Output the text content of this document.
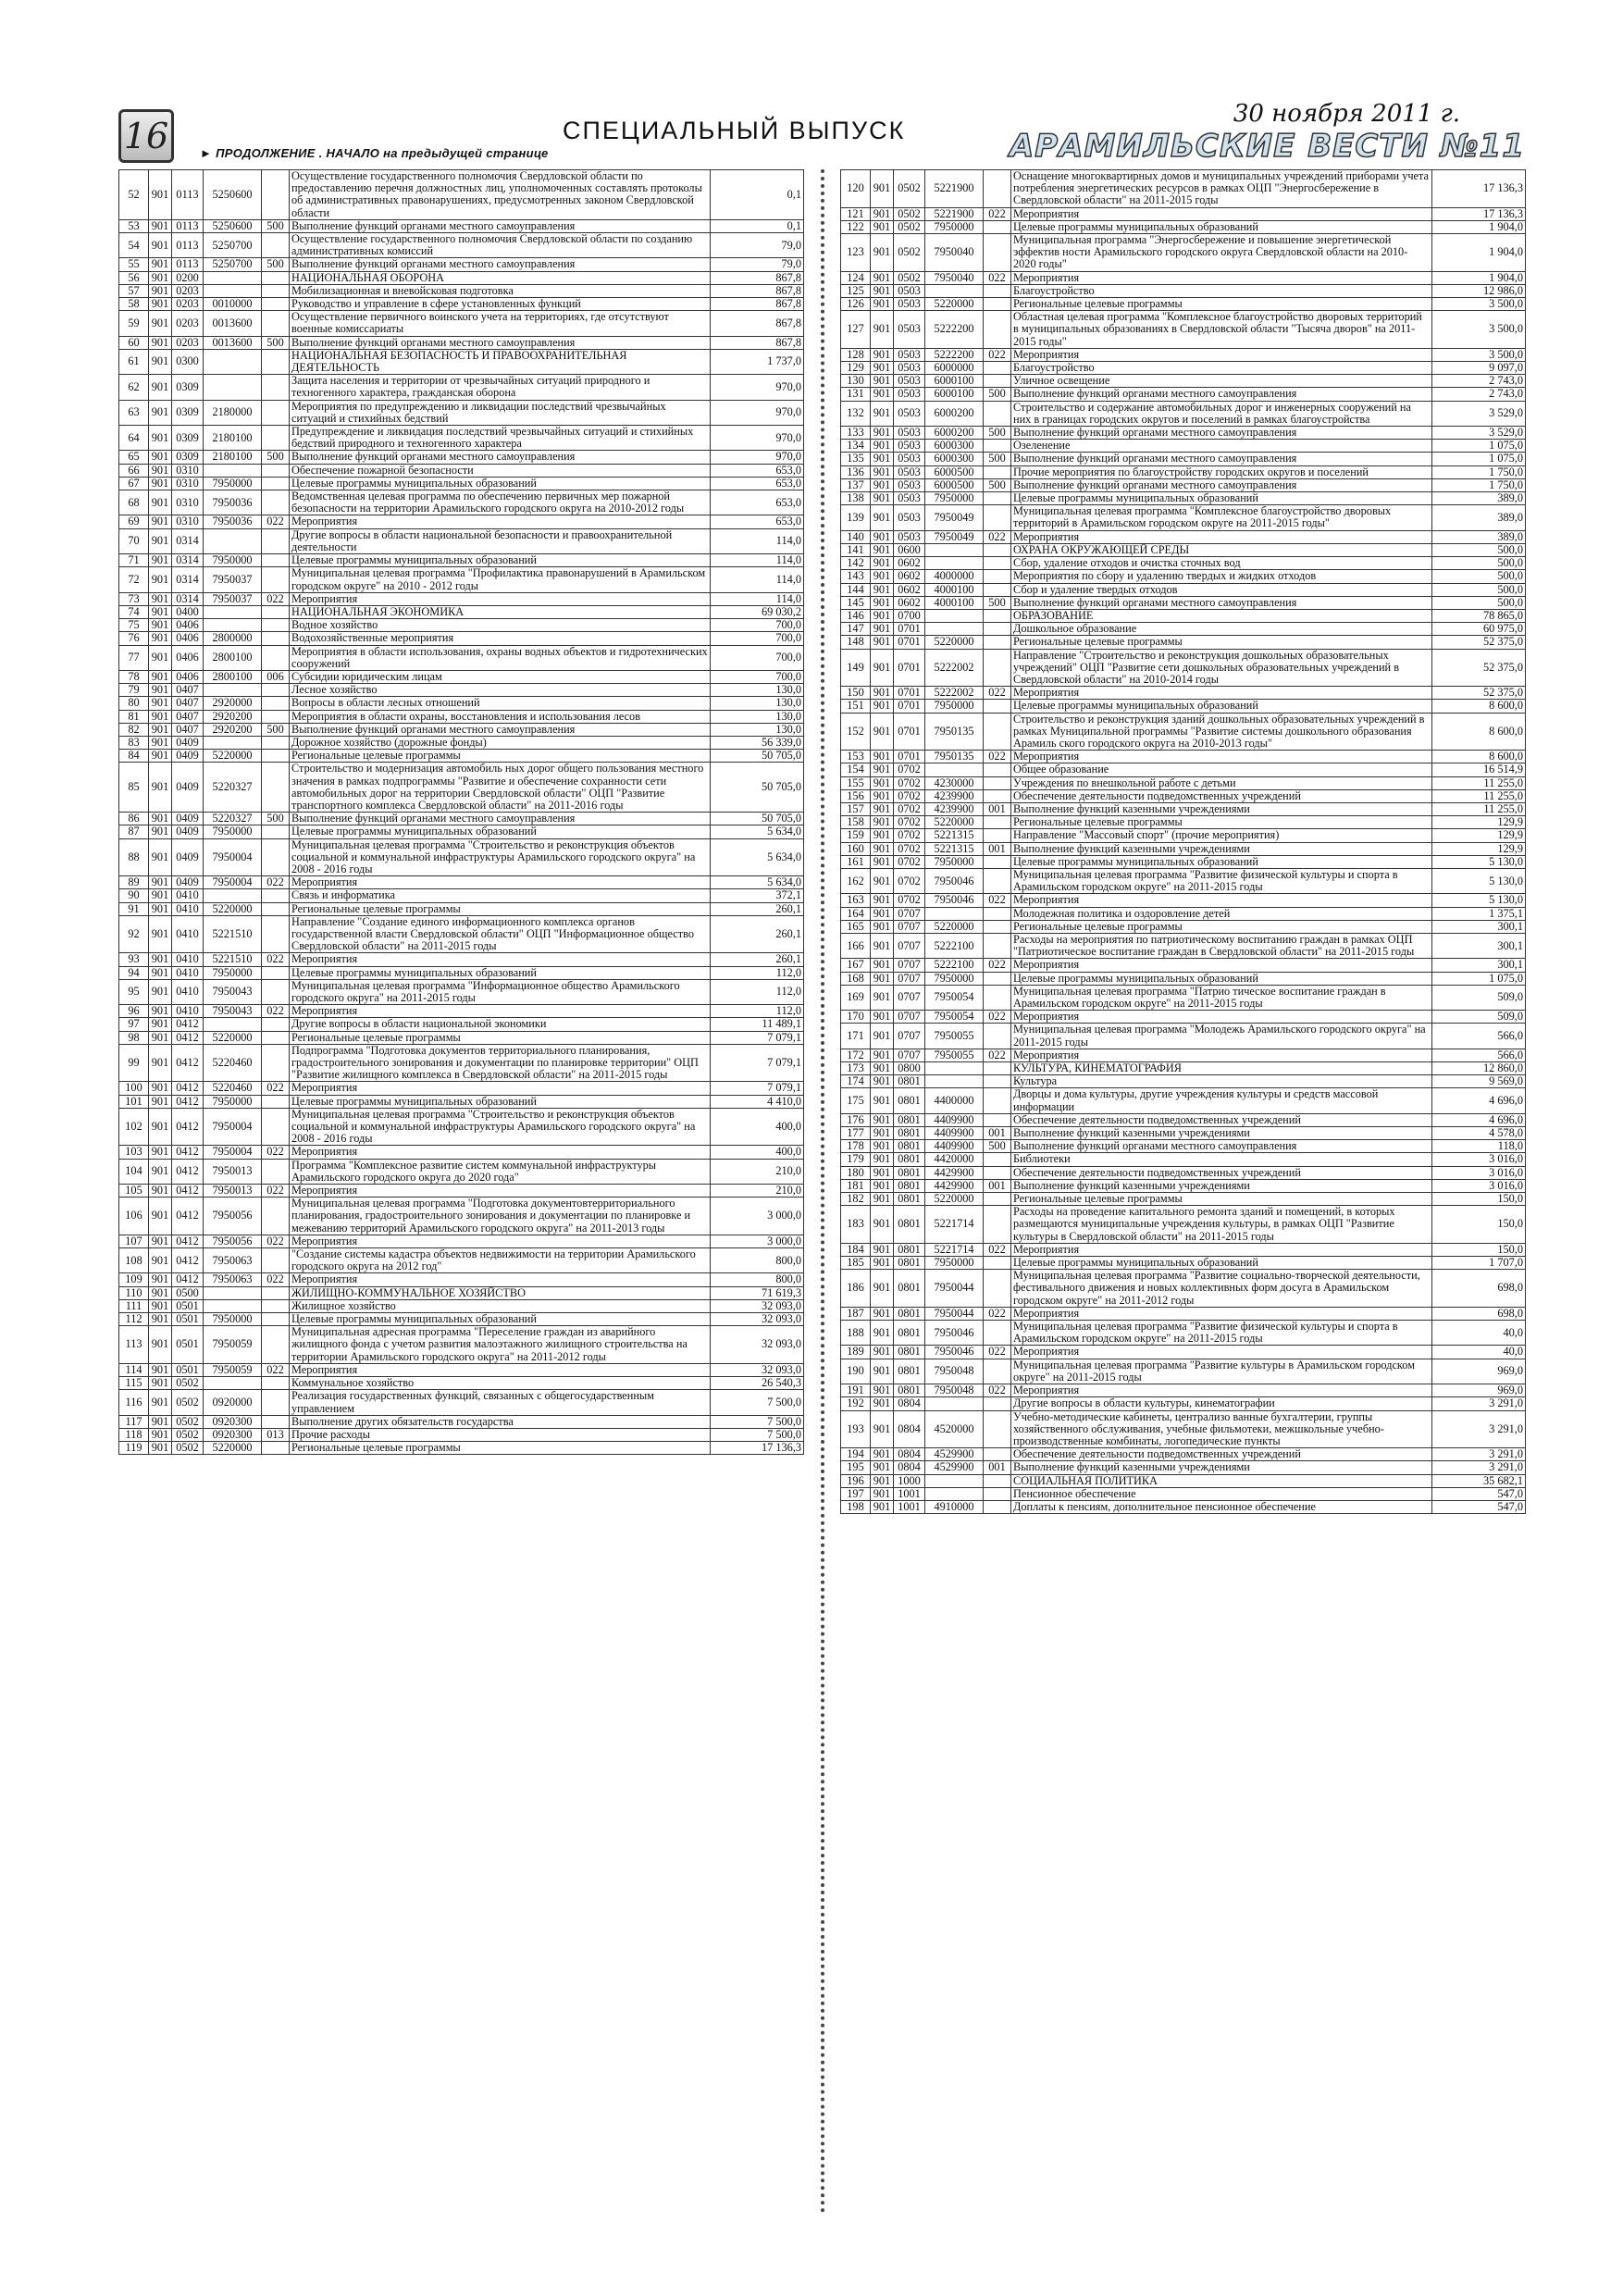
16	► ПРОДОЛЖЕНИЕ . НАЧАЛО на предыдущей странице
СПЕЦИАЛЬНЫЙ ВЫПУСК
30 ноября 2011 г.
АРАМИЛЬСКИЕ ВЕСТИ №11
52	901	0113	5250600		Осуществление государственного полномочия Свердловской области по предоставлению перечня должностных лиц, уполномоченных составлять протоколы об административных правонарушениях, предусмотренных законом Свердловской области	0,1
53	901	0113	5250600	500	Выполнение функций органами местного самоуправления	0,1
54	901	0113	5250700		Осуществление государственного полномочия Свердловской области по созданию административных комиссий	79,0
55	901	0113	5250700	500	Выполнение функций органами местного самоуправления	79,0
56	901	0200			НАЦИОНАЛЬНАЯ ОБОРОНА	867,8
57	901	0203			Мобилизационная и вневойсковая подготовка	867,8
58	901	0203	0010000		Руководство и управление в сфере установленных функций	867,8
59	901	0203	0013600		Осуществление первичного воинского учета на территориях, где отсутствуют военные комиссариаты	867,8
60	901	0203	0013600	500	Выполнение функций органами местного самоуправления	867,8
61	901	0300			НАЦИОНАЛЬНАЯ БЕЗОПАСНОСТЬ И ПРАВООХРАНИТЕЛЬНАЯ ДЕЯТЕЛЬНОСТЬ	1 737,0
62	901	0309			Защита населения и территории от чрезвычайных ситуаций природного и техногенного характера, гражданская оборона	970,0
63	901	0309	2180000		Мероприятия по предупреждению и ликвидации последствий чрезвычайных ситуаций и стихийных бедствий	970,0
64	901	0309	2180100		Предупреждение и ликвидация последствий чрезвычайных ситуаций и стихийных бедствий природного и техногенного характера	970,0
65	901	0309	2180100	500	Выполнение функций органами местного самоуправления	970,0
66	901	0310			Обеспечение пожарной безопасности	653,0
67	901	0310	7950000		Целевые программы муниципальных образований	653,0
68	901	0310	7950036		Ведомственная целевая программа по обеспечению первичных мер пожарной безопасности на территории Арамильского городского округа на 2010-2012 годы	653,0
69	901	0310	7950036	022	Мероприятия	653,0
70	901	0314			Другие вопросы в области национальной безопасности и правоохранительной деятельности	114,0
71	901	0314	7950000		Целевые программы муниципальных образований	114,0
72	901	0314	7950037		Муниципальная целевая программа "Профилактика правонарушений в Арамильском городском округе" на 2010 - 2012 годы	114,0
73	901	0314	7950037	022	Мероприятия	114,0
74	901	0400			НАЦИОНАЛЬНАЯ ЭКОНОМИКА	69 030,2
75	901	0406			Водное хозяйство	700,0
76	901	0406	2800000		Водохозяйственные мероприятия	700,0
77	901	0406	2800100		Мероприятия в области использования, охраны водных объектов и гидротехнических сооружений	700,0
78	901	0406	2800100	006	Субсидии юридическим лицам	700,0
79	901	0407			Лесное хозяйство	130,0
80	901	0407	2920000		Вопросы в области лесных отношений	130,0
81	901	0407	2920200		Мероприятия в области охраны, восстановления и использования лесов	130,0
82	901	0407	2920200	500	Выполнение функций органами местного самоуправления	130,0
83	901	0409			Дорожное хозяйство (дорожные фонды)	56 339,0
84	901	0409	5220000		Региональные целевые программы	50 705,0
85	901	0409	5220327		Строительство и модернизация автомобиль ных дорог общего пользования местного значения в рамках подпрограммы "Развитие и обеспечение сохранности сети автомобильных дорог на территории Свердловской области" ОЦП "Развитие транспортного комплекса Свердловской области" на 2011-2016 годы	50 705,0
86	901	0409	5220327	500	Выполнение функций органами местного самоуправления	50 705,0
87	901	0409	7950000		Целевые программы муниципальных образований	5 634,0
88	901	0409	7950004		Муниципальная целевая программа "Строительство и реконструкция объектов социальной и коммунальной инфраструктуры Арамильского городского округа" на 2008 - 2016 годы	5 634,0
89	901	0409	7950004	022	Мероприятия	5 634,0
90	901	0410			Связь и информатика	372,1
91	901	0410	5220000		Региональные целевые программы	260,1
92	901	0410	5221510		Направление "Создание единого информационного комплекса органов государственной власти Свердловской области" ОЦП "Информационное общество Свердловской области" на 2011-2015 годы	260,1
93	901	0410	5221510	022	Мероприятия	260,1
94	901	0410	7950000		Целевые программы муниципальных образований	112,0
95	901	0410	7950043		Муниципальная целевая программа "Информационное общество Арамильского городского округа" на 2011-2015 годы	112,0
96	901	0410	7950043	022	Мероприятия	112,0
97	901	0412			Другие вопросы в области национальной экономики	11 489,1
98	901	0412	5220000		Региональные целевые программы	7 079,1
99	901	0412	5220460		Подпрограмма "Подготовка документов территориального планирования, градостроительного зонирования и документации по планировке территории" ОЦП "Развитие жилищного комплекса в Свердловской области" на 2011-2015 годы	7 079,1
100	901	0412	5220460	022	Мероприятия	7 079,1
101	901	0412	7950000		Целевые программы муниципальных образований	4 410,0
102	901	0412	7950004		Муниципальная целевая программа "Строительство и реконструкция объектов социальной и коммунальной инфраструктуры Арамильского городского округа" на 2008 - 2016 годы	400,0
103	901	0412	7950004	022	Мероприятия	400,0
104	901	0412	7950013		Программа "Комплексное развитие систем коммунальной инфраструктуры Арамильского городского округа до 2020 года"	210,0
105	901	0412	7950013	022	Мероприятия	210,0
106	901	0412	7950056		Муниципальная целевая программа "Подготовка документовтерриториального планирования, градостроительного зонирования и документации по планировке и межеванию территорий Арамильского городского округа" на 2011-2013 годы	3 000,0
107	901	0412	7950056	022	Мероприятия	3 000,0
108	901	0412	7950063		"Создание системы кадастра объектов недвижимости на территории Арамильского городского округа на 2012 год"	800,0
109	901	0412	7950063	022	Мероприятия	800,0
110	901	0500			ЖИЛИЩНО-КОММУНАЛЬНОЕ ХОЗЯЙСТВО	71 619,3
111	901	0501			Жилищное хозяйство	32 093,0
112	901	0501	7950000		Целевые программы муниципальных образований	32 093,0
113	901	0501	7950059		Муниципальная адресная программа "Переселение граждан из аварийного жилищного фонда с учетом развития малоэтажного жилищного строительства на территории Арамильского городского округа" на 2011-2012 годы	32 093,0
114	901	0501	7950059	022	Мероприятия	32 093,0
115	901	0502			Коммунальное хозяйство	26 540,3
116	901	0502	0920000		Реализация государственных функций, связанных с общегосударственным управлением	7 500,0
117	901	0502	0920300		Выполнение других обязательств государства	7 500,0
118	901	0502	0920300	013	Прочие расходы	7 500,0
119	901	0502	5220000		Региональные целевые программы	17 136,3
120	901	0502	5221900		Оснащение многоквартирных домов и муниципальных учреждений приборами учета потребления энергетических ресурсов в рамках ОЦП "Энергосбережение в Свердловской области" на 2011-2015 годы	17 136,3
121	901	0502	5221900	022	Мероприятия	17 136,3
122	901	0502	7950000		Целевые программы муниципальных образований	1 904,0
123	901	0502	7950040		Муниципальная программа "Энергосбережение и повышение энергетической эффектив ности Арамильского городского округа Свердловской области на 2010-2020 годы"	1 904,0
124	901	0502	7950040	022	Мероприятия	1 904,0
125	901	0503			Благоустройство	12 986,0
126	901	0503	5220000		Региональные целевые программы	3 500,0
127	901	0503	5222200		Областная целевая программа "Комплексное благоустройство дворовых территорий в муниципальных образованиях в Свердловской области "Тысяча дворов" на 2011-2015 годы"	3 500,0
128	901	0503	5222200	022	Мероприятия	3 500,0
129	901	0503	6000000		Благоустройство	9 097,0
130	901	0503	6000100		Уличное освещение	2 743,0
131	901	0503	6000100	500	Выполнение функций органами местного самоуправления	2 743,0
132	901	0503	6000200		Строительство и содержание автомобильных дорог и инженерных сооружений на них в границах городских округов и поселений в рамках благоустройства	3 529,0
133	901	0503	6000200	500	Выполнение функций органами местного самоуправления	3 529,0
134	901	0503	6000300		Озеленение	1 075,0
135	901	0503	6000300	500	Выполнение функций органами местного самоуправления	1 075,0
136	901	0503	6000500		Прочие мероприятия по благоустройству городских округов и поселений	1 750,0
137	901	0503	6000500	500	Выполнение функций органами местного самоуправления	1 750,0
138	901	0503	7950000		Целевые программы муниципальных образований	389,0
139	901	0503	7950049		Муниципальная целевая программа "Комплексное благоустройство дворовых территорий в Арамильском городском округе на 2011-2015 годы"	389,0
140	901	0503	7950049	022	Мероприятия	389,0
141	901	0600			ОХРАНА ОКРУЖАЮЩЕЙ СРЕДЫ	500,0
142	901	0602			Сбор, удаление отходов и очистка сточных вод	500,0
143	901	0602	4000000		Мероприятия по сбору и удалению твердых и жидких отходов	500,0
144	901	0602	4000100		Сбор и удаление твердых отходов	500,0
145	901	0602	4000100	500	Выполнение функций органами местного самоуправления	500,0
146	901	0700			ОБРАЗОВАНИЕ	78 865,0
147	901	0701			Дошкольное образование	60 975,0
148	901	0701	5220000		Региональные целевые программы	52 375,0
149	901	0701	5222002		Направление "Строительство и реконструкция дошкольных образовательных учреждений" ОЦП "Развитие сети дошкольных образовательных учреждений в Свердловской области" на 2010-2014 годы	52 375,0
150	901	0701	5222002	022	Мероприятия	52 375,0
151	901	0701	7950000		Целевые программы муниципальных образований	8 600,0
152	901	0701	7950135		Строительство и реконструкция зданий дошкольных образовательных учреждений в рамках Муниципальной программы "Развитие системы дошкольного образования Арамиль ского городского округа на 2010-2013 годы"	8 600,0
153	901	0701	7950135	022	Мероприятия	8 600,0
154	901	0702			Общее образование	16 514,9
155	901	0702	4230000		Учреждения по внешкольной работе с детьми	11 255,0
156	901	0702	4239900		Обеспечение деятельности подведомственных учреждений	11 255,0
157	901	0702	4239900	001	Выполнение функций казенными учреждениями	11 255,0
158	901	0702	5220000		Региональные целевые программы	129,9
159	901	0702	5221315		Направление "Массовый спорт" (прочие мероприятия)	129,9
160	901	0702	5221315	001	Выполнение функций казенными учреждениями	129,9
161	901	0702	7950000		Целевые программы муниципальных образований	5 130,0
162	901	0702	7950046		Муниципальная целевая программа "Развитие физической культуры и спорта в Арамильском городском округе" на 2011-2015 годы	5 130,0
163	901	0702	7950046	022	Мероприятия	5 130,0
164	901	0707			Молодежная политика и оздоровление детей	1 375,1
165	901	0707	5220000		Региональные целевые программы	300,1
166	901	0707	5222100		Расходы на мероприятия по патриотическому воспитанию граждан в рамках ОЦП "Патриотическое воспитание граждан в Свердловской области" на 2011-2015 годы	300,1
167	901	0707	5222100	022	Мероприятия	300,1
168	901	0707	7950000		Целевые программы муниципальных образований	1 075,0
169	901	0707	7950054		Муниципальная целевая программа "Патрио тическое воспитание граждан в Арамильском городском округе" на 2011-2015 годы	509,0
170	901	0707	7950054	022	Мероприятия	509,0
171	901	0707	7950055		Муниципальная целевая программа "Молодежь Арамильского городского округа" на 2011-2015 годы	566,0
172	901	0707	7950055	022	Мероприятия	566,0
173	901	0800			КУЛЬТУРА, КИНЕМАТОГРАФИЯ	12 860,0
174	901	0801			Культура	9 569,0
175	901	0801	4400000		Дворцы и дома культуры, другие учреждения культуры и средств массовой информации	4 696,0
176	901	0801	4409900		Обеспечение деятельности подведомственных учреждений	4 696,0
177	901	0801	4409900	001	Выполнение функций казенными учреждениями	4 578,0
178	901	0801	4409900	500	Выполнение функций органами местного самоуправления	118,0
179	901	0801	4420000		Библиотеки	3 016,0
180	901	0801	4429900		Обеспечение деятельности подведомственных учреждений	3 016,0
181	901	0801	4429900	001	Выполнение функций казенными учреждениями	3 016,0
182	901	0801	5220000		Региональные целевые программы	150,0
183	901	0801	5221714		Расходы на проведение капитального ремонта зданий и помещений, в которых размещаются муниципальные учреждения культуры, в рамках ОЦП "Развитие культуры в Свердловской области" на 2011-2015 годы	150,0
184	901	0801	5221714	022	Мероприятия	150,0
185	901	0801	7950000		Целевые программы муниципальных образований	1 707,0
186	901	0801	7950044		Муниципальная целевая программа "Развитие социально-творческой деятельности, фестивального движения и новых коллективных форм досуга в Арамильском городском округе" на 2011-2012 годы	698,0
187	901	0801	7950044	022	Мероприятия	698,0
188	901	0801	7950046		Муниципальная целевая программа "Развитие физической культуры и спорта в Арамильском городском округе" на 2011-2015 годы	40,0
189	901	0801	7950046	022	Мероприятия	40,0
190	901	0801	7950048		Муниципальная целевая программа "Развитие культуры в Арамильском городском округе" на 2011-2015 годы	969,0
191	901	0801	7950048	022	Мероприятия	969,0
192	901	0804			Другие вопросы в области культуры, кинематографии	3 291,0
193	901	0804	4520000		Учебно-методические кабинеты, централизо ванные бухгалтерии, группы хозяйственного обслуживания, учебные фильмотеки, межшкольные учебно-производственные комбинаты, логопедические пункты	3 291,0
194	901	0804	4529900		Обеспечение деятельности подведомственных учреждений	3 291,0
195	901	0804	4529900	001	Выполнение функций казенными учреждениями	3 291,0
196	901	1000			СОЦИАЛЬНАЯ ПОЛИТИКА	35 682,1
197	901	1001			Пенсионное обеспечение	547,0
198	901	1001	4910000		Доплаты к пенсиям, дополнительное пенсионное обеспечение	547,0
